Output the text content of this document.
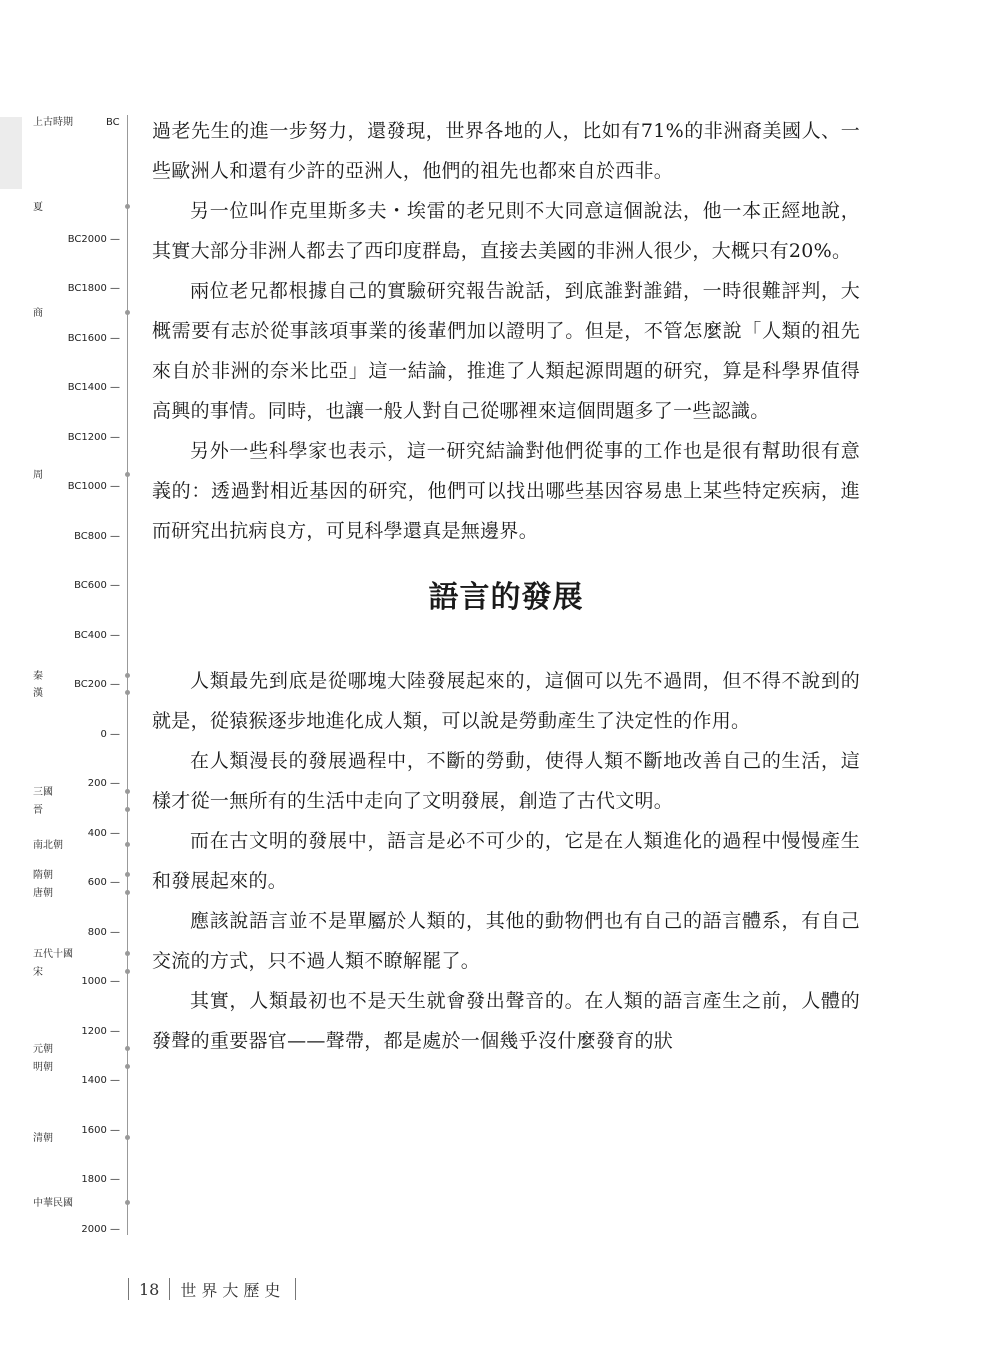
BC
上古時期
夏
商
周
秦
漢
三國
晉
南北朝
隋朝
唐朝
五代十國
宋
元朝
明朝
清朝
中華民國
BC2000 —
BC1800 —
BC1600 —
BC1400 —
BC1200 —
BC1000 —
BC800 —
BC600 —
BC400 —
BC200 —
0 —
200 —
400 —
600 —
800 —
1000 —
1200 —
1400 —
1600 —
1800 —
2000 —

過老先生的進一步努力，還發現，世界各地的人，比如有71%的非洲裔美國人、一些歐洲人和還有少許的亞洲人，他們的祖先也都來自於西非。

另一位叫作克里斯多夫・埃雷的老兄則不大同意這個說法，他一本正經地說，其實大部分非洲人都去了西印度群島，直接去美國的非洲人很少，大概只有20%。

兩位老兄都根據自己的實驗研究報告說話，到底誰對誰錯，一時很難評判，大概需要有志於從事該項事業的後輩們加以證明了。但是，不管怎麼說「人類的祖先來自於非洲的奈米比亞」這一結論，推進了人類起源問題的研究，算是科學界值得高興的事情。同時，也讓一般人對自己從哪裡來這個問題多了一些認識。

另外一些科學家也表示，這一研究結論對他們從事的工作也是很有幫助很有意義的：透過對相近基因的研究，他們可以找出哪些基因容易患上某些特定疾病，進而研究出抗病良方，可見科學還真是無邊界。

語言的發展

人類最先到底是從哪塊大陸發展起來的，這個可以先不過問，但不得不說到的就是，從猿猴逐步地進化成人類，可以說是勞動產生了決定性的作用。

在人類漫長的發展過程中，不斷的勞動，使得人類不斷地改善自己的生活，這樣才從一無所有的生活中走向了文明發展，創造了古代文明。

而在古文明的發展中，語言是必不可少的，它是在人類進化的過程中慢慢產生和發展起來的。

應該說語言並不是單屬於人類的，其他的動物們也有自己的語言體系，有自己交流的方式，只不過人類不瞭解罷了。

其實，人類最初也不是天生就會發出聲音的。在人類的語言產生之前，人體的發聲的重要器官——聲帶，都是處於一個幾乎沒什麼發育的狀

18 世界大歷史
